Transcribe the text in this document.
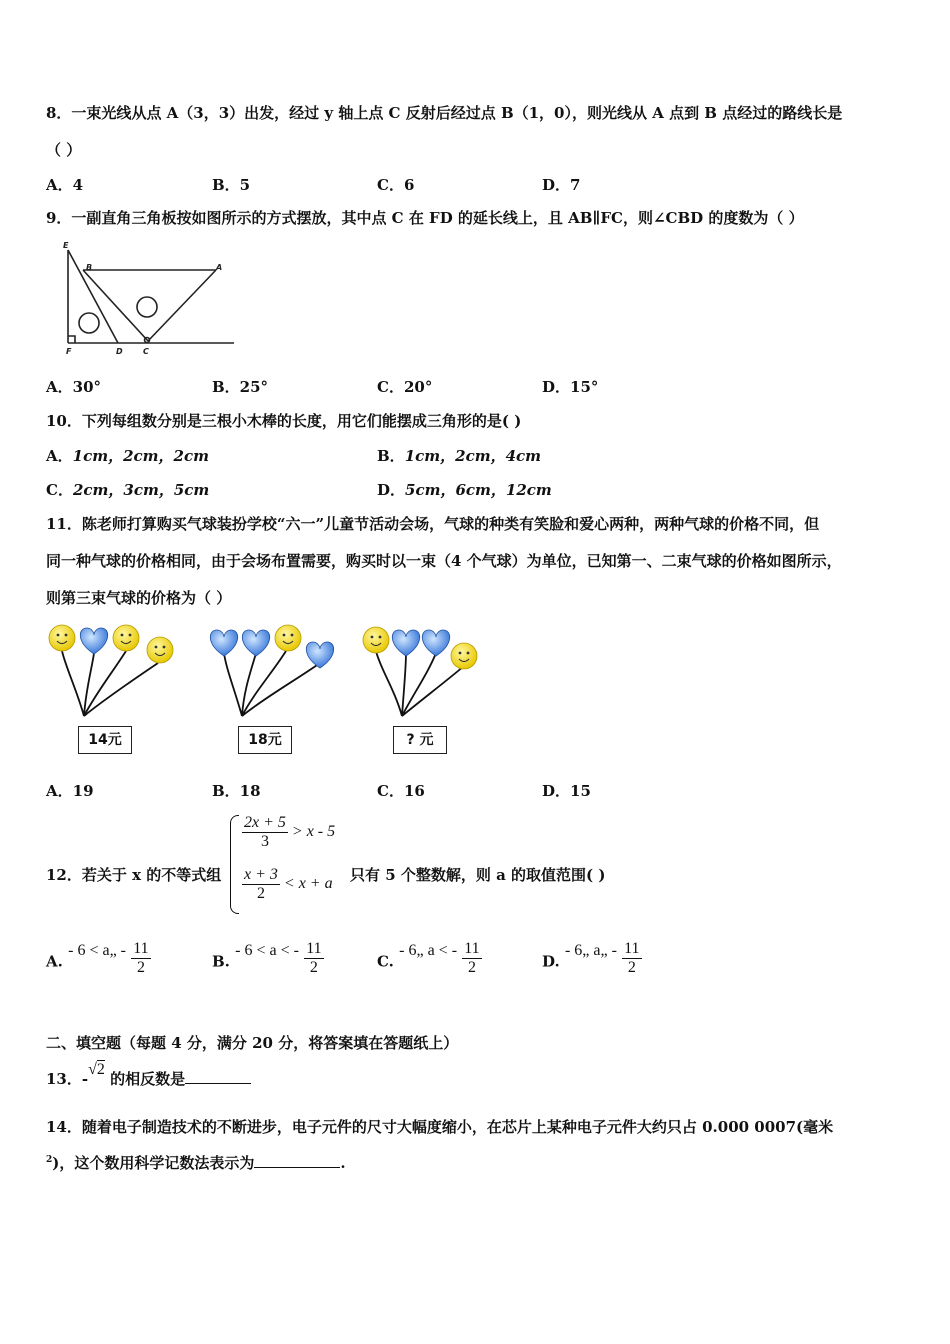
8．一束光线从点 A（3，3）出发，经过 y 轴上点 C 反射后经过点 B（1，0），则光线从 A 点到 B 点经过的路线长是
（ ）
A．4	B．5	C．6	D．7
9．一副直角三角板按如图所示的方式摆放，其中点 C 在 FD 的延长线上，且 AB∥FC，则∠CBD 的度数为（ ）
E
B	A
F	D	C
A．30°	B．25°	C．20°	D．15°
10．下列每组数分别是三根小木棒的长度，用它们能摆成三角形的是( )
A．1cm，2cm，2cm	B．1cm，2cm，4cm
C．2cm，3cm，5cm	D．5cm，6cm，12cm
11．陈老师打算购买气球装扮学校“六一”儿童节活动会场，气球的种类有笑脸和爱心两种，两种气球的价格不同，但
同一种气球的价格相同，由于会场布置需要，购买时以一束（4 个气球）为单位，已知第一、二束气球的价格如图所示，
则第三束气球的价格为（ ）
14元	18元	? 元
A．19	B．18	C．16	D．15
12．若关于 x 的不等式组
$\frac{2x + 5}{3} > x - 5$
$\frac{x + 3}{2} < x + a$ 只有 5 个整数解，则 a 的取值范围( )
A. - 6 < a„ - $\frac{11}{2}$	B. - 6 < a < - $\frac{11}{2}$	C. - 6„ a < - $\frac{11}{2}$	D. - 6„ a„ - $\frac{11}{2}$
二、填空题（每题 4 分，满分 20 分，将答案填在答题纸上）
13．-√2 的相反数是
14．随着电子制造技术的不断进步，电子元件的尺寸大幅度缩小，在芯片上某种电子元件大约只占 0.000 0007(毫米
$^2$)，这个数用科学记数法表示为	.
